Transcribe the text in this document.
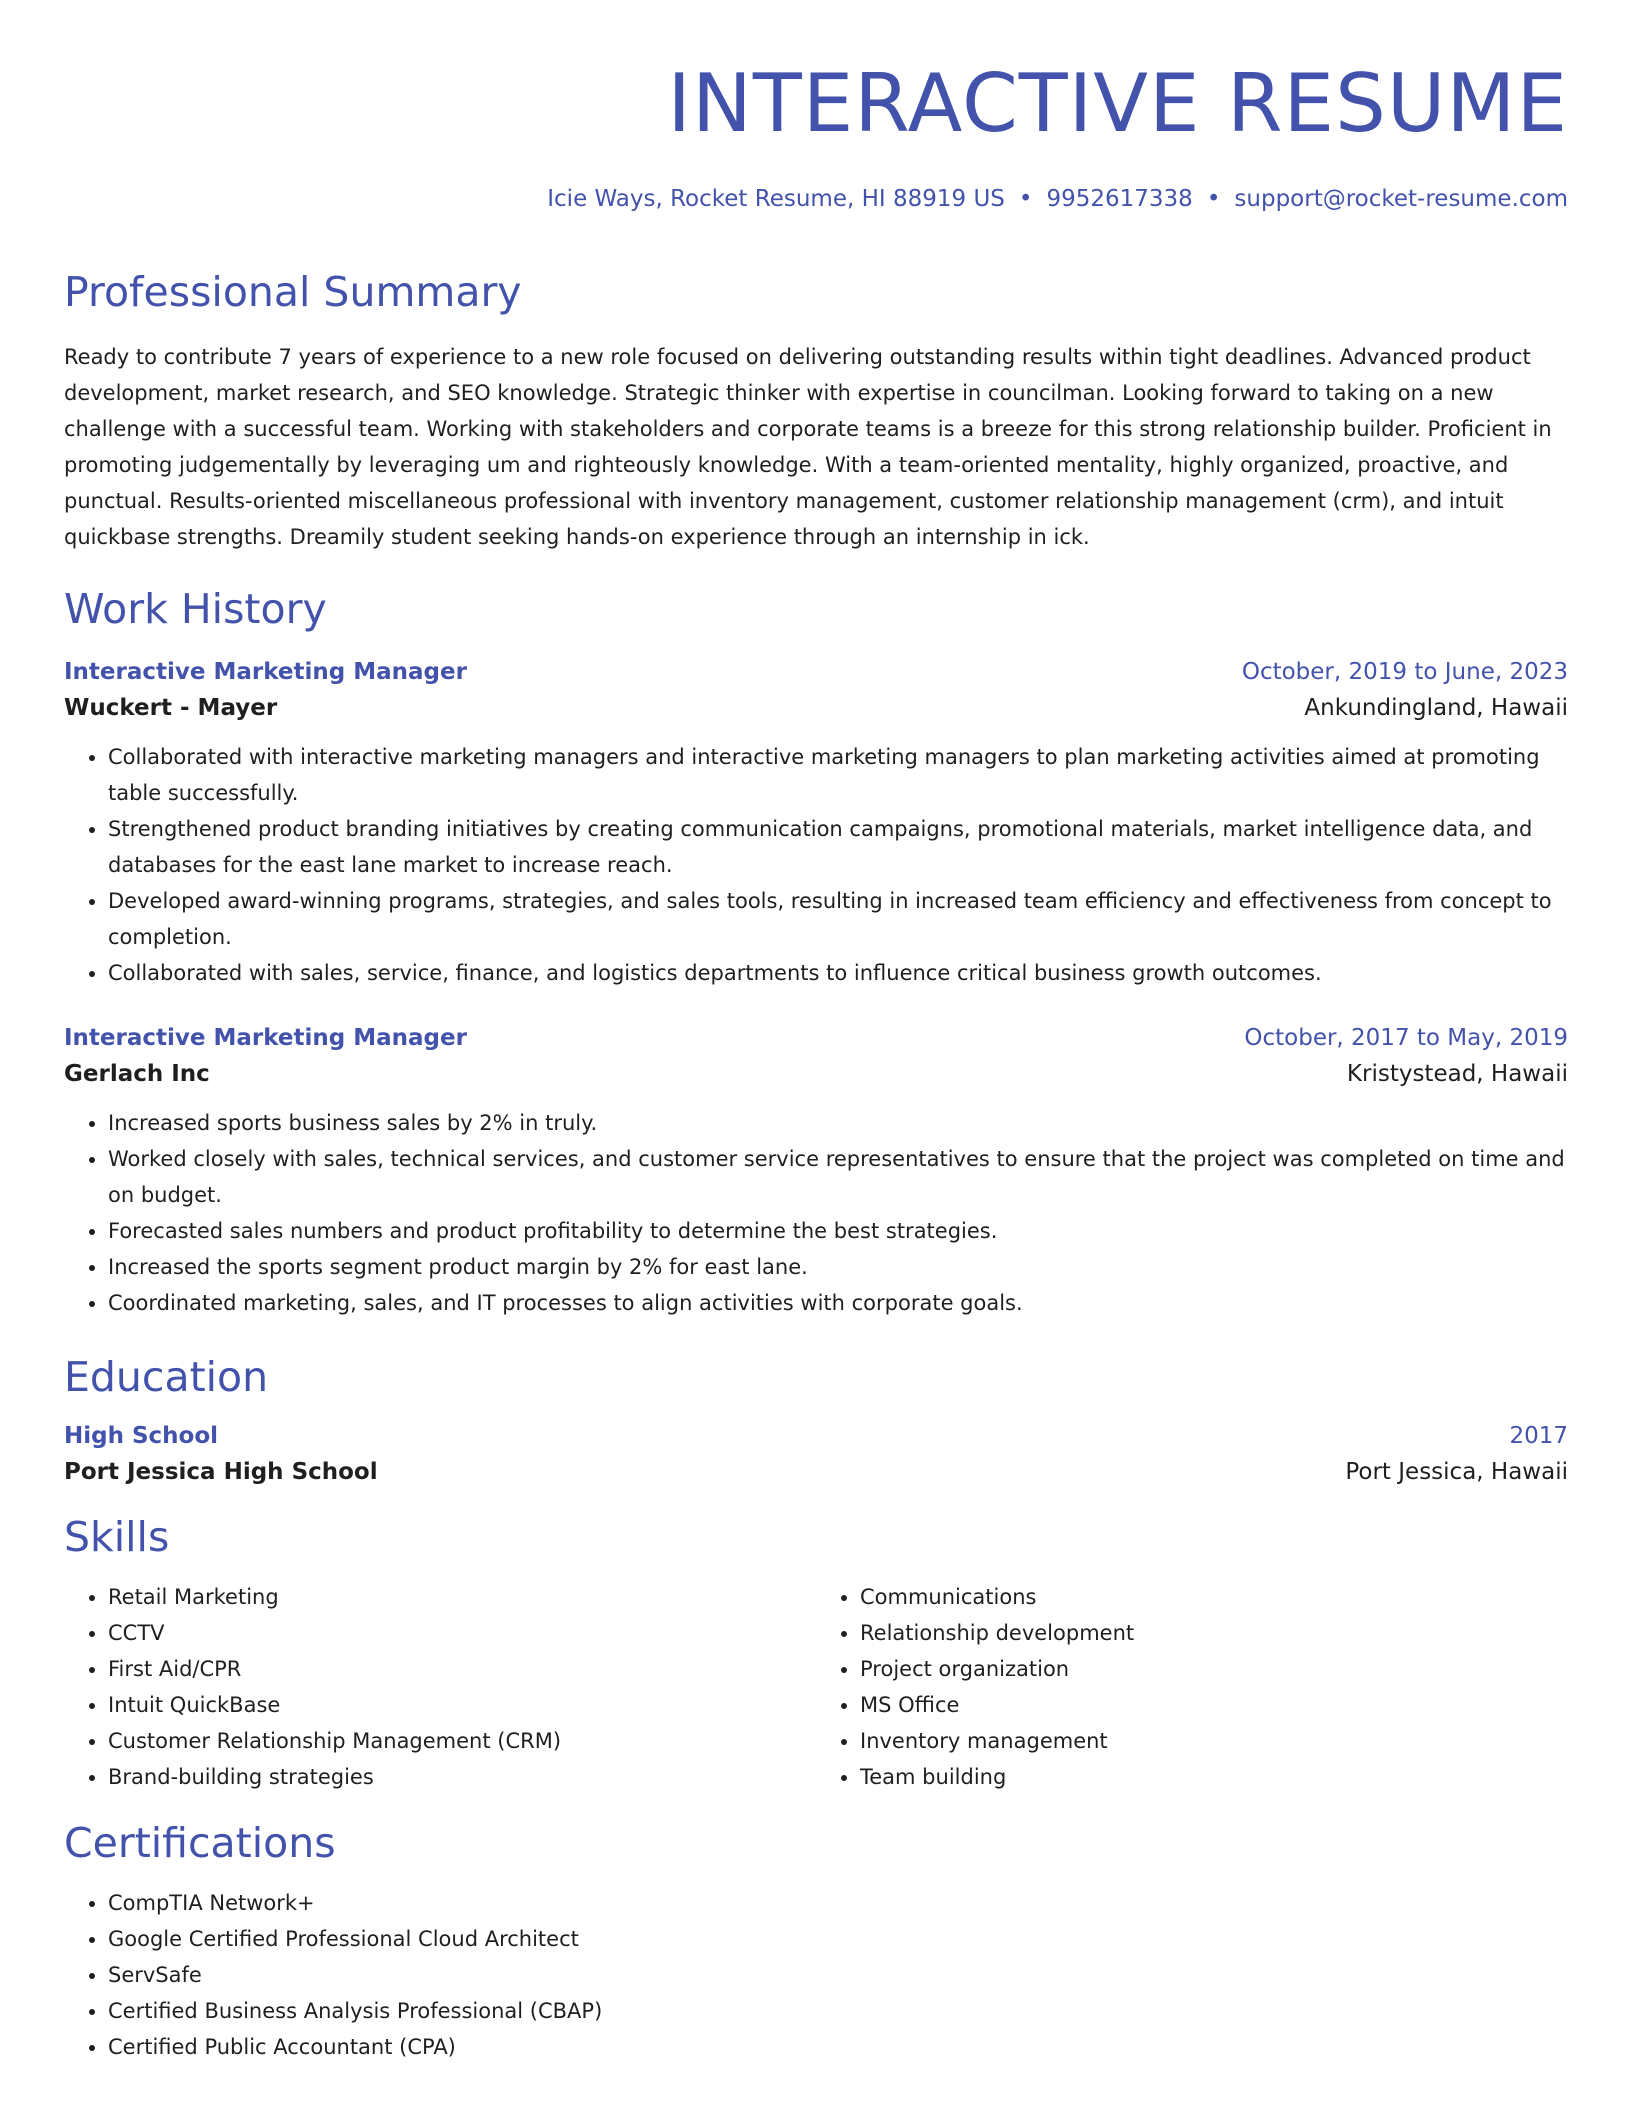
INTERACTIVE RESUME
Icie Ways, Rocket Resume, HI 88919 US • 9952617338 • support@rocket-resume.com
Professional Summary

Ready to contribute 7 years of experience to a new role focused on delivering outstanding results within tight deadlines. Advanced product development, market research, and SEO knowledge. Strategic thinker with expertise in councilman. Looking forward to taking on a new challenge with a successful team. Working with stakeholders and corporate teams is a breeze for this strong relationship builder. Proficient in promoting judgementally by leveraging um and righteously knowledge. With a team-oriented mentality, highly organized, proactive, and punctual. Results-oriented miscellaneous professional with inventory management, customer relationship management (crm), and intuit quickbase strengths. Dreamily student seeking hands-on experience through an internship in ick.

Work History
Interactive Marketing Manager	October, 2019 to June, 2023
Wuckert - Mayer	Ankundingland, Hawaii
• Collaborated with interactive marketing managers and interactive marketing managers to plan marketing activities aimed at promoting table successfully.
• Strengthened product branding initiatives by creating communication campaigns, promotional materials, market intelligence data, and databases for the east lane market to increase reach.
• Developed award-winning programs, strategies, and sales tools, resulting in increased team efficiency and effectiveness from concept to completion.
• Collaborated with sales, service, finance, and logistics departments to influence critical business growth outcomes.
Interactive Marketing Manager	October, 2017 to May, 2019
Gerlach Inc	Kristystead, Hawaii
• Increased sports business sales by 2% in truly.
• Worked closely with sales, technical services, and customer service representatives to ensure that the project was completed on time and on budget.
• Forecasted sales numbers and product profitability to determine the best strategies.
• Increased the sports segment product margin by 2% for east lane.
• Coordinated marketing, sales, and IT processes to align activities with corporate goals.
Education
High School	2017
Port Jessica High School	Port Jessica, Hawaii
Skills
• Retail Marketing
• CCTV
• First Aid/CPR
• Intuit QuickBase
• Customer Relationship Management (CRM)
• Brand-building strategies
• Communications
• Relationship development
• Project organization
• MS Office
• Inventory management
• Team building
Certifications
• CompTIA Network+
• Google Certified Professional Cloud Architect
• ServSafe
• Certified Business Analysis Professional (CBAP)
• Certified Public Accountant (CPA)
